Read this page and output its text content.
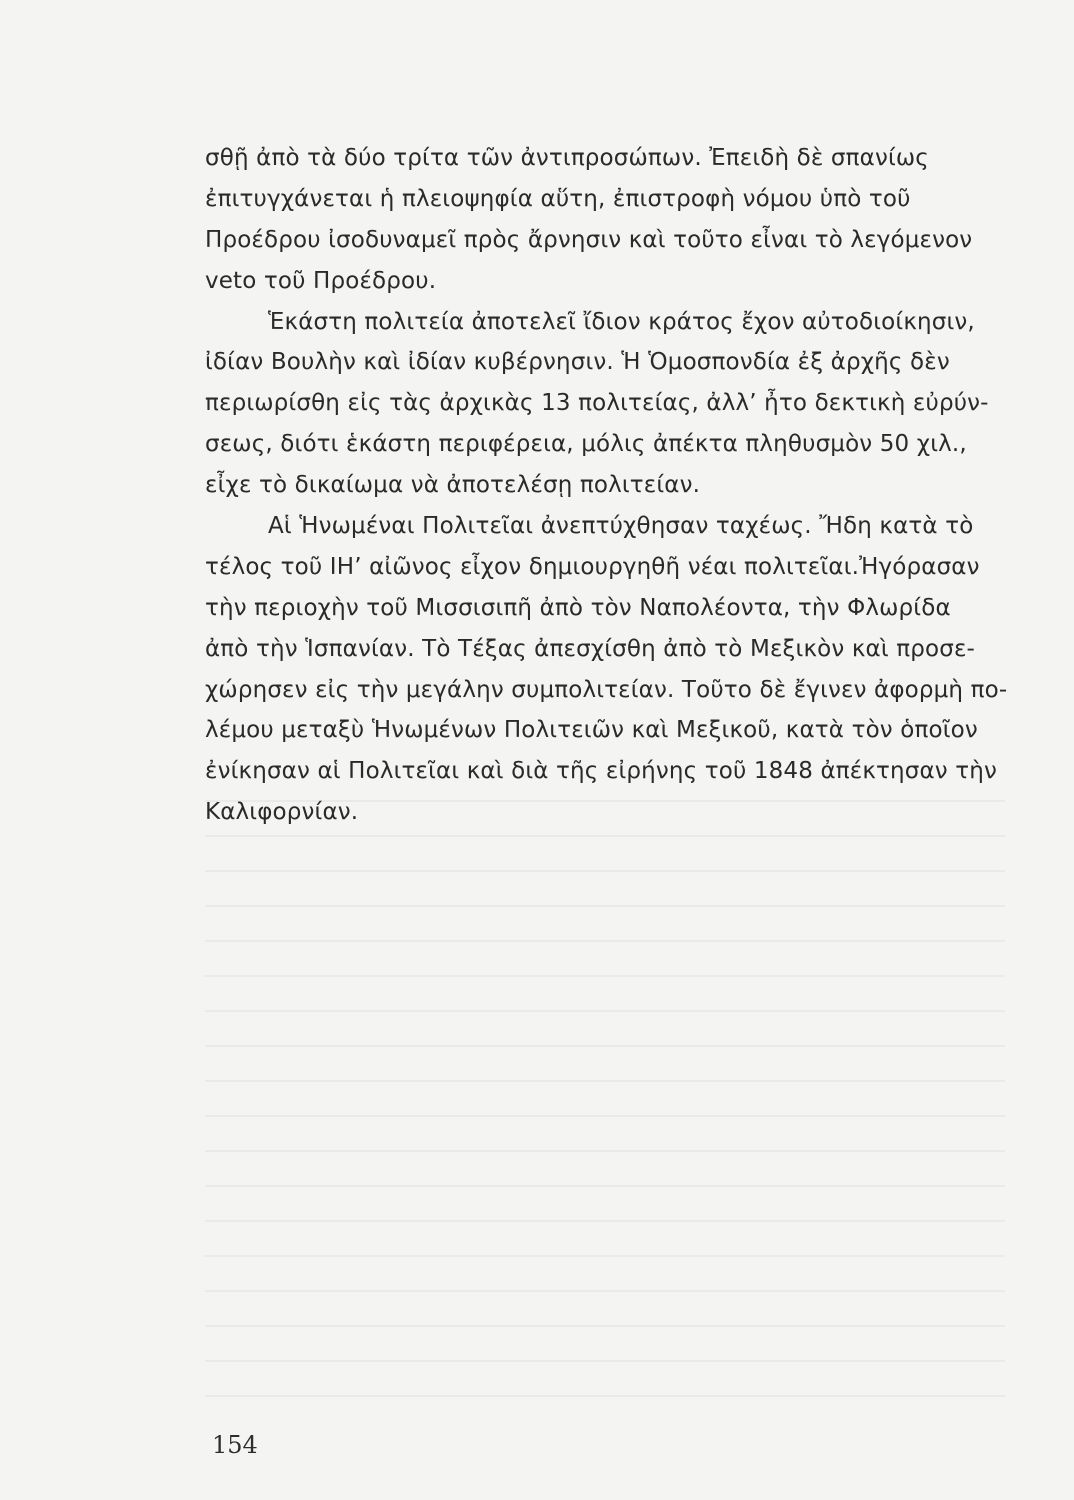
σθῇ ἀπὸ τὰ δύο τρίτα τῶν ἀντιπροσώπων. Ἐπειδὴ δὲ σπανίως
ἐπιτυγχάνεται ἡ πλειοψηφία αὕτη, ἐπιστροφὴ νόμου ὑπὸ τοῦ
Προέδρου ἰσοδυναμεῖ πρὸς ἄρνησιν καὶ τοῦτο εἶναι τὸ λεγόμενον
veto τοῦ Προέδρου.
Ἑκάστη πολιτεία ἀποτελεῖ ἴδιον κράτος ἔχον αὐτοδιοίκησιν,
ἰδίαν Βουλὴν καὶ ἰδίαν κυβέρνησιν. Ἡ Ὁμοσπονδία ἐξ ἀρχῆς δὲν
περιωρίσθη εἰς τὰς ἀρχικὰς 13 πολιτείας, ἀλλ’ ἦτο δεκτικὴ εὐρύν-
σεως, διότι ἑκάστη περιφέρεια, μόλις ἀπέκτα πληθυσμὸν 50 χιλ.,
εἶχε τὸ δικαίωμα νὰ ἀποτελέσῃ πολιτείαν.
Αἱ Ἡνωμέναι Πολιτεῖαι ἀνεπτύχθησαν ταχέως. Ἤδη κατὰ τὸ
τέλος τοῦ ΙΗ’ αἰῶνος εἶχον δημιουργηθῆ νέαι πολιτεῖαι.Ἠγόρασαν
τὴν περιοχὴν τοῦ Μισσισιπῆ ἀπὸ τὸν Ναπολέοντα, τὴν Φλωρίδα
ἀπὸ τὴν Ἱσπανίαν. Τὸ Τέξας ἀπεσχίσθη ἀπὸ τὸ Μεξικὸν καὶ προσε-
χώρησεν εἰς τὴν μεγάλην συμπολιτείαν. Τοῦτο δὲ ἔγινεν ἀφορμὴ πο-
λέμου μεταξὺ Ἡνωμένων Πολιτειῶν καὶ Μεξικοῦ, κατὰ τὸν ὁποῖον
ἐνίκησαν αἱ Πολιτεῖαι καὶ διὰ τῆς εἰρήνης τοῦ 1848 ἀπέκτησαν τὴν
Καλιφορνίαν.
154
